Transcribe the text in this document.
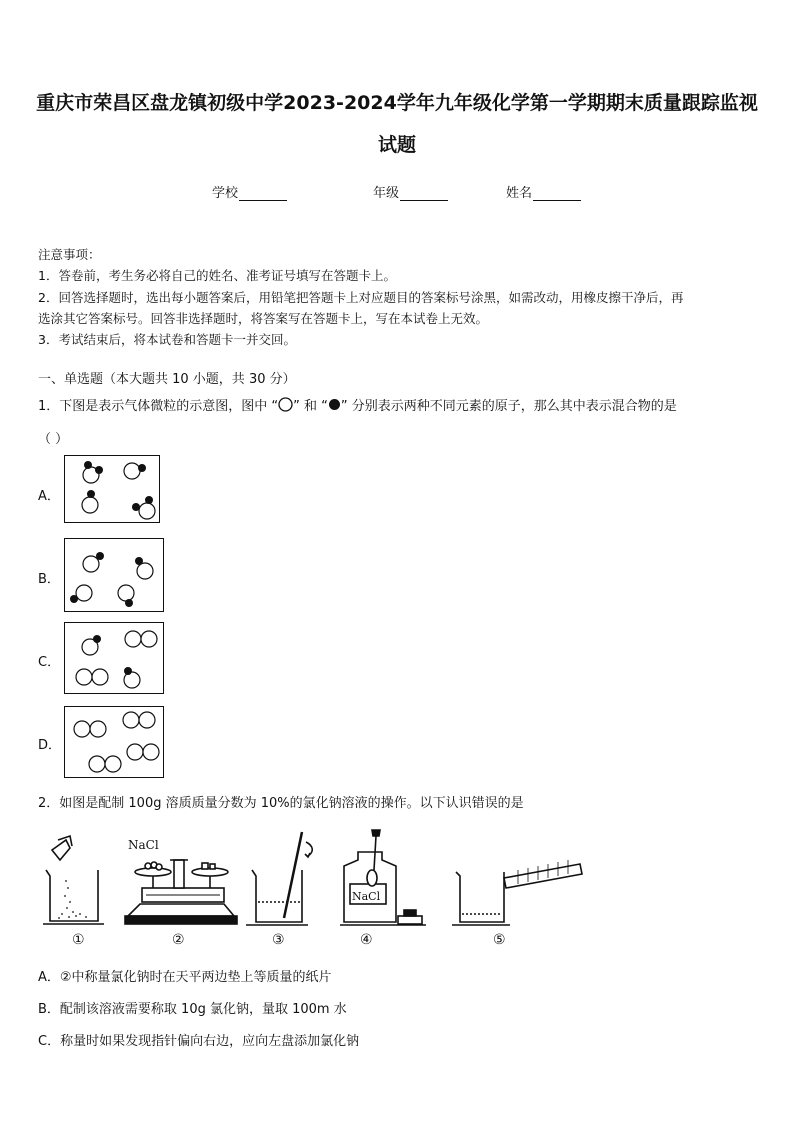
重庆市荣昌区盘龙镇初级中学2023-2024学年九年级化学第一学期期末质量跟踪监视
试题
学校	年级	姓名
注意事项：
1．答卷前，考生务必将自己的姓名、准考证号填写在答题卡上。
2．回答选择题时，选出每小题答案后，用铅笔把答题卡上对应题目的答案标号涂黑，如需改动，用橡皮擦干净后，再
选涂其它答案标号。回答非选择题时，将答案写在答题卡上，写在本试卷上无效。
3．考试结束后，将本试卷和答题卡一并交回。
一、单选题（本大题共 10 小题，共 30 分）
1．下图是表示气体微粒的示意图，图中 “ ” 和 “ ” 分别表示两种不同元素的原子，那么其中表示混合物的是
（ ）
A．
B．
C．
D．
2．如图是配制 100g 溶质质量分数为 10%的氯化钠溶液的操作。以下认识错误的是
NaCl
NaCl
①	②	③	④	⑤
A．②中称量氯化钠时在天平两边垫上等质量的纸片
B．配制该溶液需要称取 10g 氯化钠，量取 100m 水
C．称量时如果发现指针偏向右边，应向左盘添加氯化钠
